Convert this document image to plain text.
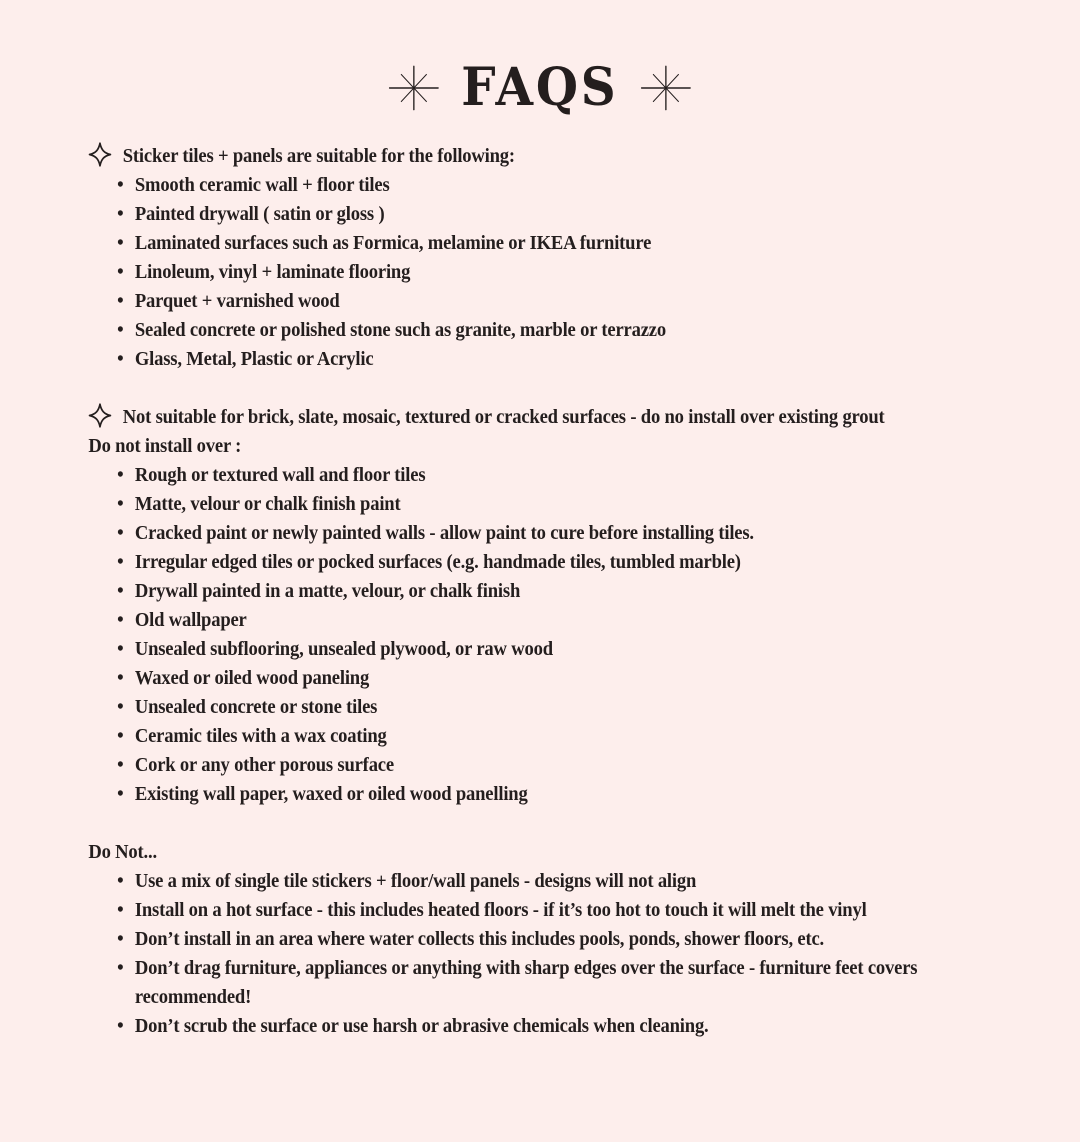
FAQS
Sticker tiles + panels are suitable for the following:
• Smooth ceramic wall + floor tiles
• Painted drywall ( satin or gloss )
• Laminated surfaces such as Formica, melamine or IKEA furniture
• Linoleum, vinyl + laminate flooring
• Parquet + varnished wood
• Sealed concrete or polished stone such as granite, marble or terrazzo
• Glass, Metal, Plastic or Acrylic
Not suitable for brick, slate, mosaic, textured or cracked surfaces - do no install over existing grout
Do not install over :
• Rough or textured wall and floor tiles
• Matte, velour or chalk finish paint
• Cracked paint or newly painted walls - allow paint to cure before installing tiles.
• Irregular edged tiles or pocked surfaces (e.g. handmade tiles, tumbled marble)
• Drywall painted in a matte, velour, or chalk finish
• Old wallpaper
• Unsealed subflooring, unsealed plywood, or raw wood
• Waxed or oiled wood paneling
• Unsealed concrete or stone tiles
• Ceramic tiles with a wax coating
• Cork or any other porous surface
• Existing wall paper, waxed or oiled wood panelling
Do Not...
• Use a mix of single tile stickers + floor/wall panels - designs will not align
• Install on a hot surface - this includes heated floors - if it’s too hot to touch it will melt the vinyl
• Don’t install in an area where water collects this includes pools, ponds, shower floors, etc.
• Don’t drag furniture, appliances or anything with sharp edges over the surface - furniture feet covers recommended!
• Don’t scrub the surface or use harsh or abrasive chemicals when cleaning.
